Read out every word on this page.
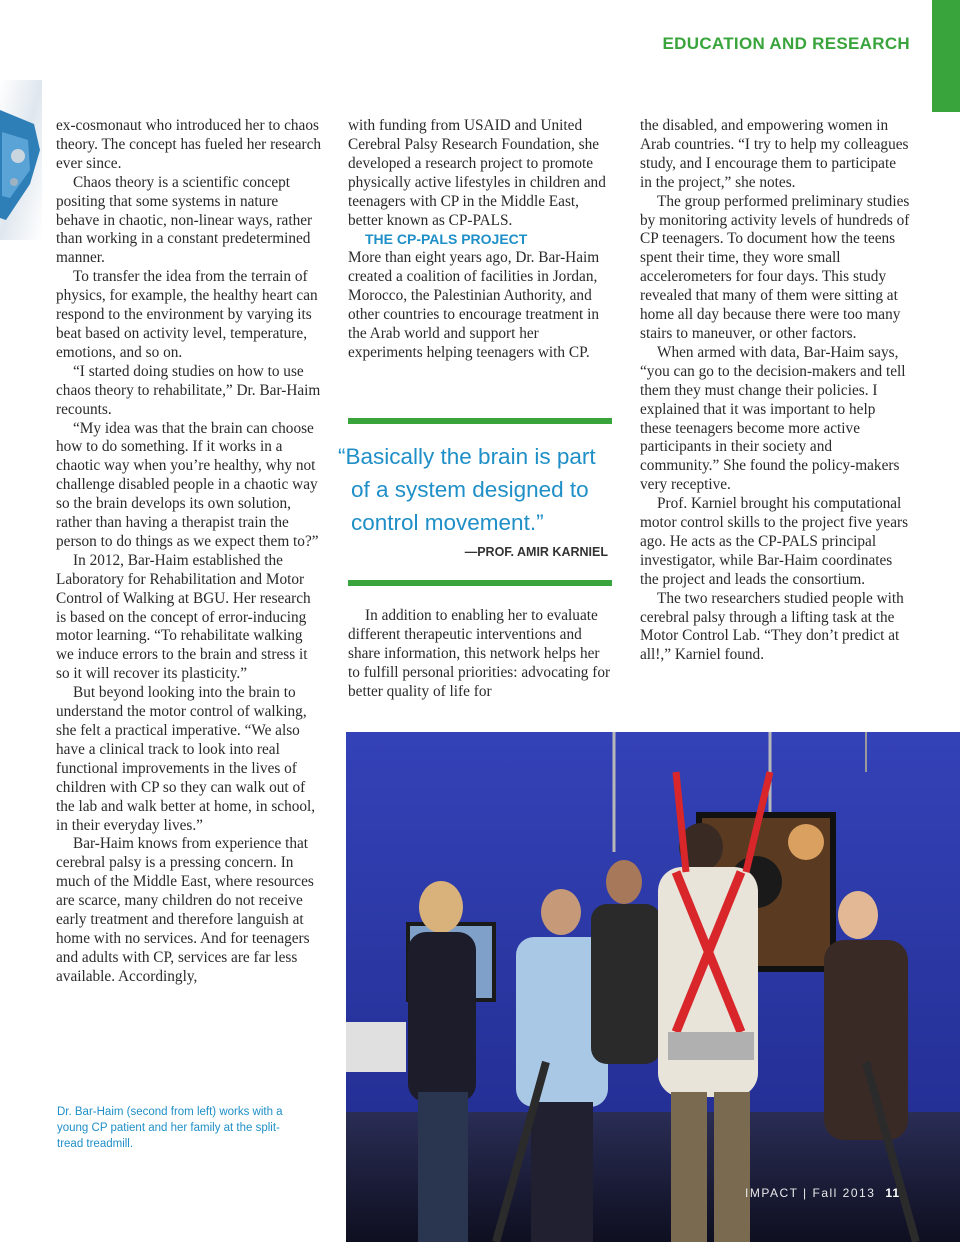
EDUCATION AND RESEARCH

ex-cosmonaut who introduced her to chaos theory. The concept has fueled her research ever since.

Chaos theory is a scientific concept positing that some systems in nature behave in chaotic, non-linear ways, rather than working in a constant predetermined manner.

To transfer the idea from the terrain of physics, for example, the healthy heart can respond to the environment by varying its beat based on activity level, temperature, emotions, and so on.

“I started doing studies on how to use chaos theory to rehabilitate,” Dr. Bar-Haim recounts.

“My idea was that the brain can choose how to do something. If it works in a chaotic way when you’re healthy, why not challenge disabled people in a chaotic way so the brain develops its own solution, rather than having a therapist train the person to do things as we expect them to?”

In 2012, Bar-Haim established the Laboratory for Rehabilitation and Motor Control of Walking at BGU. Her research is based on the concept of error-inducing motor learning. “To rehabilitate walking we induce errors to the brain and stress it so it will recover its plasticity.”

But beyond looking into the brain to understand the motor control of walking, she felt a practical imperative. “We also have a clinical track to look into real functional improvements in the lives of children with CP so they can walk out of the lab and walk better at home, in school, in their everyday lives.”

Bar-Haim knows from experience that cerebral palsy is a pressing concern. In much of the Middle East, where resources are scarce, many children do not receive early treatment and therefore languish at home with no services. And for teenagers and adults with CP, services are far less available. Accordingly,

with funding from USAID and United Cerebral Palsy Research Foundation, she developed a research project to promote physically active lifestyles in children and teenagers with CP in the Middle East, better known as CP-PALS.

THE CP-PALS PROJECT

More than eight years ago, Dr. Bar-Haim created a coalition of facilities in Jordan, Morocco, the Palestinian Authority, and other countries to encourage treatment in the Arab world and support her experiments helping teenagers with CP.

“Basically the brain is part
of a system designed to
control movement.”
—PROF. AMIR KARNIEL

In addition to enabling her to evaluate different therapeutic interventions and share information, this network helps her to fulfill personal priorities: advocating for better quality of life for

the disabled, and empowering women in Arab countries. “I try to help my colleagues study, and I encourage them to participate in the project,” she notes.

The group performed preliminary studies by monitoring activity levels of hundreds of CP teenagers. To document how the teens spent their time, they wore small accelerometers for four days. This study revealed that many of them were sitting at home all day because there were too many stairs to maneuver, or other factors.

When armed with data, Bar-Haim says, “you can go to the decision-makers and tell them they must change their policies. I explained that it was important to help these teenagers become more active participants in their society and community.” She found the policy-makers very receptive.

Prof. Karniel brought his computational motor control skills to the project five years ago. He acts as the CP-PALS principal investigator, while Bar-Haim coordinates the project and leads the consortium.

The two researchers studied people with cerebral palsy through a lifting task at the Motor Control Lab. “They don’t predict at all!,” Karniel found.

Dr. Bar-Haim (second from left) works with a young CP patient and her family at the split-tread treadmill.
IMPACT | Fall 2013 11
